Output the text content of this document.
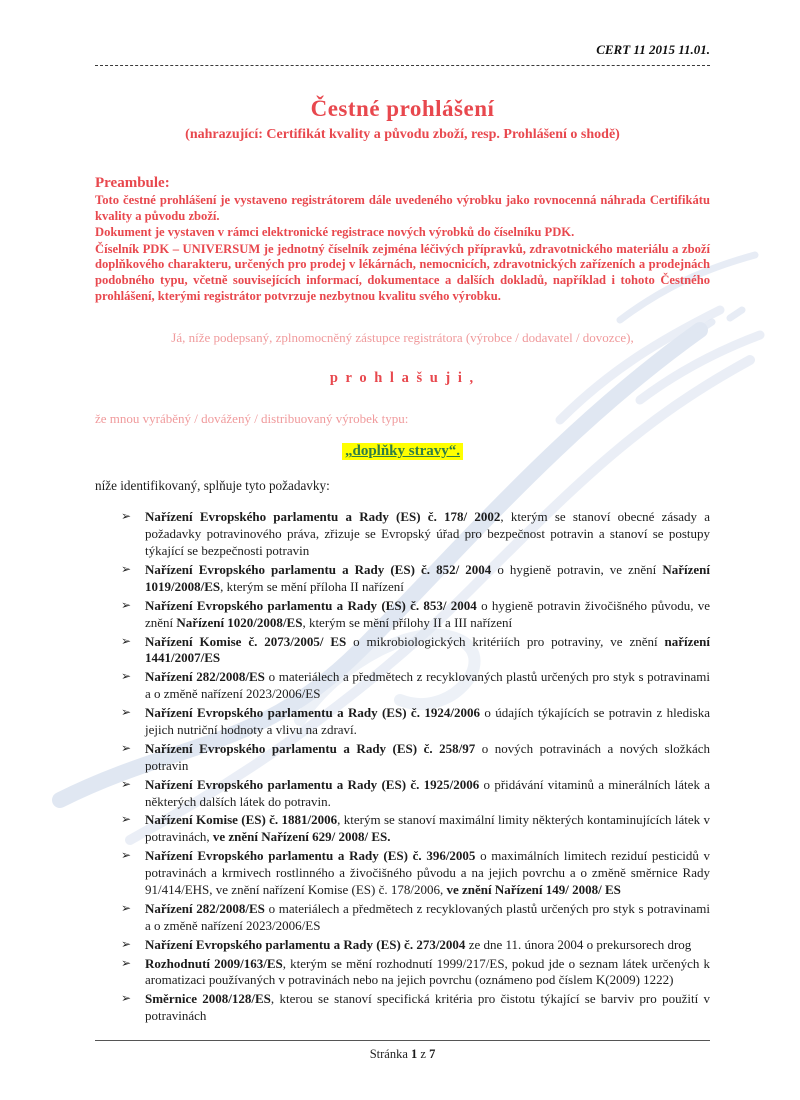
CERT 11 2015 11.01.
Čestné prohlášení
(nahrazující: Certifikát kvality a původu zboží, resp. Prohlášení o shodě)
Preambule:

Toto čestné prohlášení je vystaveno registrátorem dále uvedeného výrobku jako rovnocenná náhrada Certifikátu kvality a původu zboží.

Dokument je vystaven v rámci elektronické registrace nových výrobků do číselníku PDK.

Číselník PDK – UNIVERSUM je jednotný číselník zejména léčivých přípravků, zdravotnického materiálu a zboží doplňkového charakteru, určených pro prodej v lékárnách, nemocnicích, zdravotnických zařízeních a prodejnách podobného typu, včetně souvisejících informací, dokumentace a dalších dokladů, například i tohoto Čestného prohlášení, kterými registrátor potvrzuje nezbytnou kvalitu svého výrobku.

Já, níže podepsaný, zplnomocněný zástupce registrátora (výrobce / dodavatel / dovozce),
p r o h l a š u j i ,
že mnou vyráběný / dovážený / distribuovaný výrobek typu:
„doplňky stravy“.
níže identifikovaný, splňuje tyto požadavky:
➢	Nařízení Evropského parlamentu a Rady (ES) č. 178/ 2002, kterým se stanoví obecné zásady a požadavky potravinového práva, zřizuje se Evropský úřad pro bezpečnost potravin a stanoví se postupy týkající se bezpečnosti potravin
➢	Nařízení Evropského parlamentu a Rady (ES) č. 852/ 2004 o hygieně potravin, ve znění Nařízení 1019/2008/ES, kterým se mění příloha II nařízení
➢	Nařízení Evropského parlamentu a Rady (ES) č. 853/ 2004 o hygieně potravin živočišného původu, ve znění Nařízení 1020/2008/ES, kterým se mění přílohy II a III nařízení
➢	Nařízení Komise č. 2073/2005/ ES o mikrobiologických kritériích pro potraviny, ve znění nařízení 1441/2007/ES
➢	Nařízení 282/2008/ES o materiálech a předmětech z recyklovaných plastů určených pro styk s potravinami a o změně nařízení 2023/2006/ES
➢	Nařízení Evropského parlamentu a Rady (ES) č. 1924/2006 o údajích týkajících se potravin z hlediska jejich nutriční hodnoty a vlivu na zdraví.
➢	Nařízení Evropského parlamentu a Rady (ES) č. 258/97 o nových potravinách a nových složkách potravin
➢	Nařízení Evropského parlamentu a Rady (ES) č. 1925/2006 o přidávání vitaminů a minerálních látek a některých dalších látek do potravin.
➢	Nařízení Komise (ES) č. 1881/2006, kterým se stanoví maximální limity některých kontaminujících látek v potravinách, ve znění Nařízení 629/ 2008/ ES.
➢	Nařízení Evropského parlamentu a Rady (ES) č. 396/2005 o maximálních limitech reziduí pesticidů v potravinách a krmivech rostlinného a živočišného původu a na jejich povrchu a o změně směrnice Rady 91/414/EHS, ve znění nařízení Komise (ES) č. 178/2006, ve znění Nařízení 149/ 2008/ ES
➢	Nařízení 282/2008/ES o materiálech a předmětech z recyklovaných plastů určených pro styk s potravinami a o změně nařízení 2023/2006/ES
➢	Nařízení Evropského parlamentu a Rady (ES) č. 273/2004 ze dne 11. února 2004 o prekursorech drog
➢	Rozhodnutí 2009/163/ES, kterým se mění rozhodnutí 1999/217/ES, pokud jde o seznam látek určených k aromatizaci používaných v potravinách nebo na jejich povrchu (oznámeno pod číslem K(2009) 1222)
➢	Směrnice 2008/128/ES, kterou se stanoví specifická kritéria pro čistotu týkající se barviv pro použití v potravinách
Stránka 1 z 7
